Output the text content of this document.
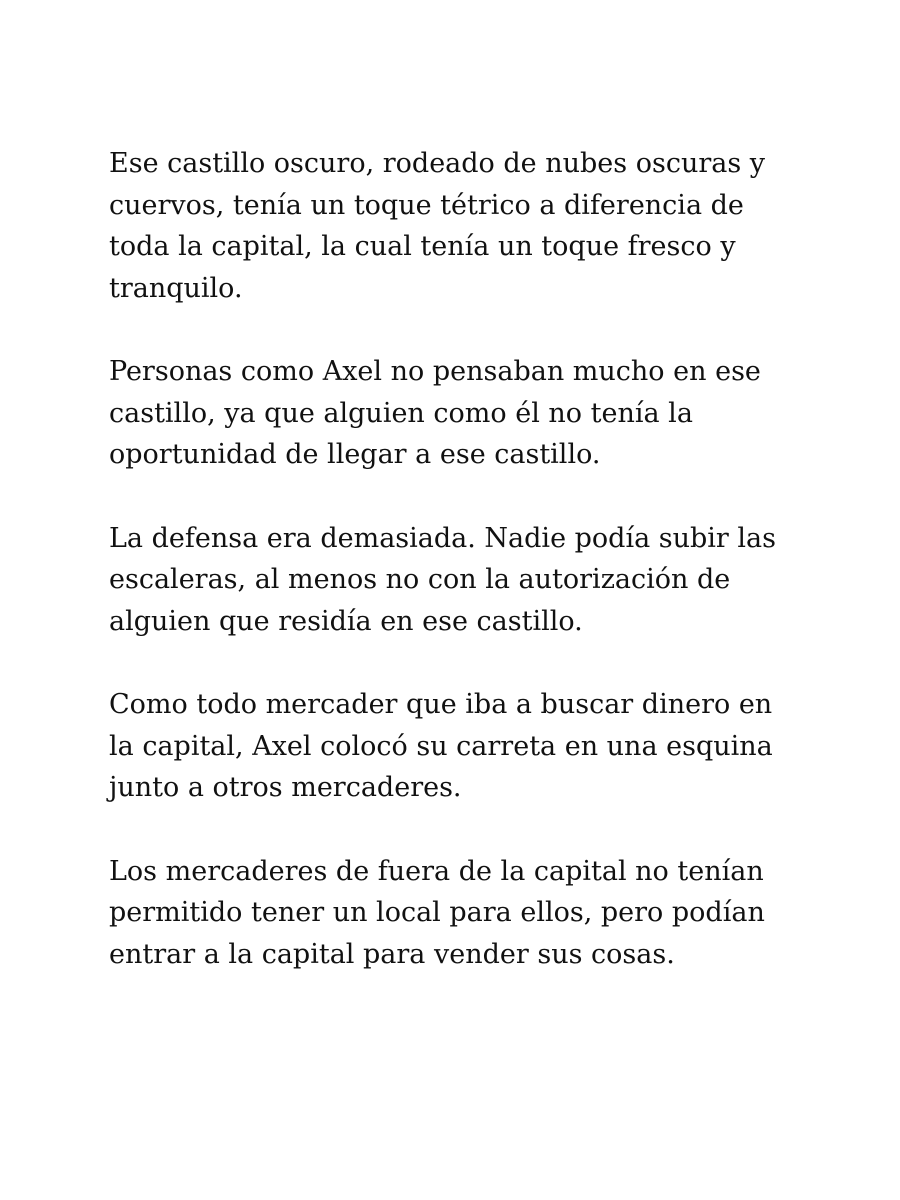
Ese castillo oscuro, rodeado de nubes oscuras y
cuervos, tenía un toque tétrico a diferencia de
toda la capital, la cual tenía un toque fresco y
tranquilo.

Personas como Axel no pensaban mucho en ese
castillo, ya que alguien como él no tenía la
oportunidad de llegar a ese castillo.

La defensa era demasiada. Nadie podía subir las
escaleras, al menos no con la autorización de
alguien que residía en ese castillo.

Como todo mercader que iba a buscar dinero en
la capital, Axel colocó su carreta en una esquina
junto a otros mercaderes.

Los mercaderes de fuera de la capital no tenían
permitido tener un local para ellos, pero podían
entrar a la capital para vender sus cosas.
